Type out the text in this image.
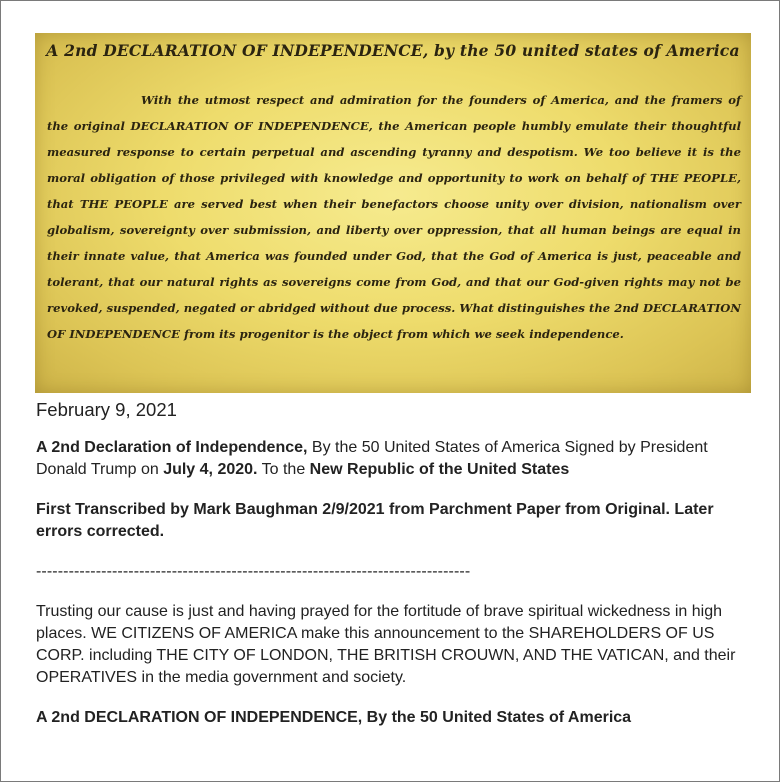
A 2nd DECLARATION OF INDEPENDENCE, by the 50 united states of America
With the utmost respect and admiration for the founders of America, and the framers of the original DECLARATION OF INDEPENDENCE, the American people humbly emulate their thoughtful measured response to certain perpetual and ascending tyranny and despotism. We too believe it is the moral obligation of those privileged with knowledge and opportunity to work on behalf of THE PEOPLE, that THE PEOPLE are served best when their benefactors choose unity over division, nationalism over globalism, sovereignty over submission, and liberty over oppression, that all human beings are equal in their innate value, that America was founded under God, that the God of America is just, peaceable and tolerant, that our natural rights as sovereigns come from God, and that our God-given rights may not be revoked, suspended, negated or abridged without due process. What distinguishes the 2nd DECLARATION OF INDEPENDENCE from its progenitor is the object from which we seek independence.
February 9, 2021

A 2nd Declaration of Independence, By the 50 United States of America Signed by President Donald Trump on July 4, 2020. To the New Republic of the United States

First Transcribed by Mark Baughman 2/9/2021 from Parchment Paper from Original. Later errors corrected.

--------------------------------------------------------------------------------

Trusting our cause is just and having prayed for the fortitude of brave spiritual wickedness in high places. WE CITIZENS OF AMERICA make this announcement to the SHAREHOLDERS OF US CORP. including THE CITY OF LONDON, THE BRITISH CROUWN, AND THE VATICAN, and their OPERATIVES in the media government and society.

A 2nd DECLARATION OF INDEPENDENCE, By the 50 United States of America
